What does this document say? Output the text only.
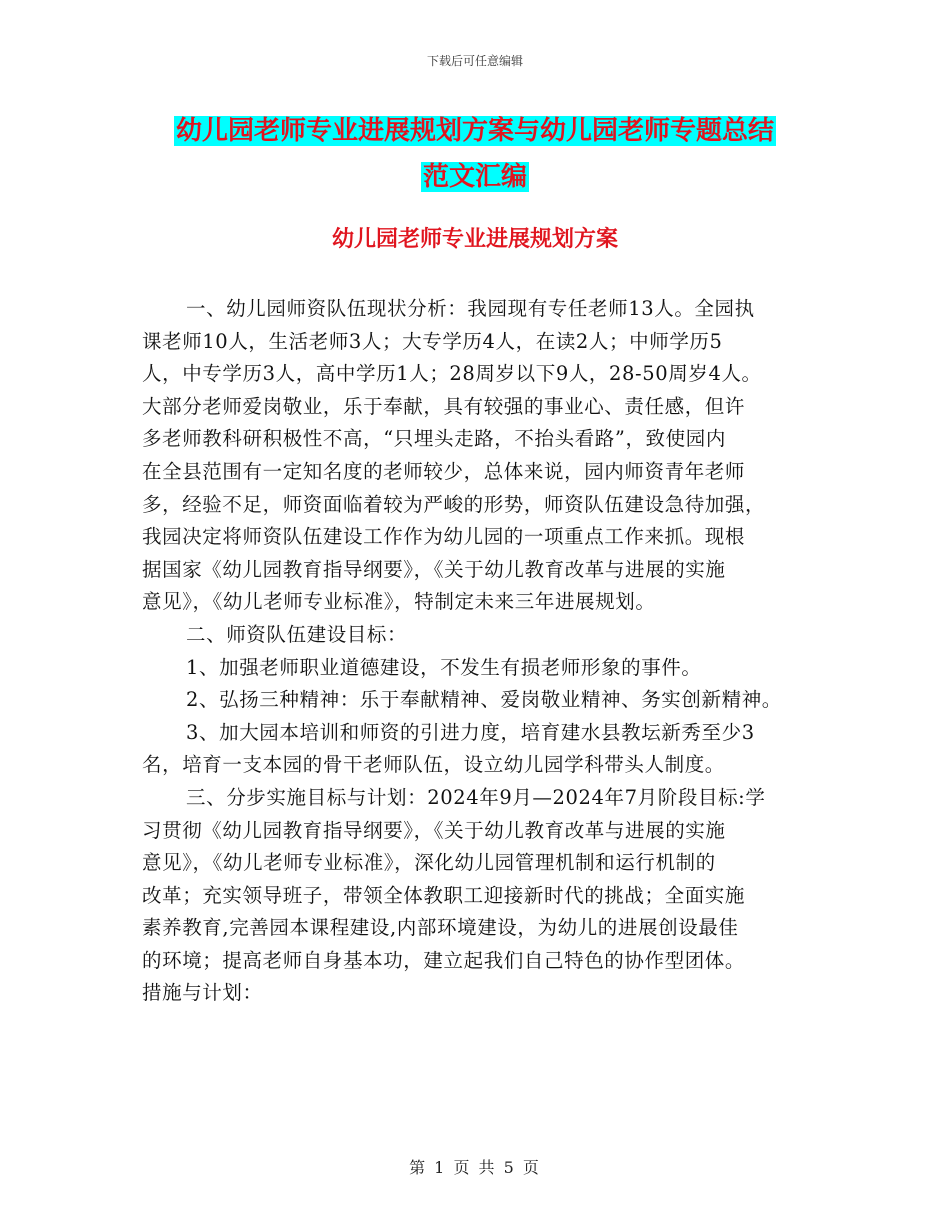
下载后可任意编辑
幼儿园老师专业进展规划方案与幼儿园老师专题总结
范文汇编
幼儿园老师专业进展规划方案
一、幼儿园师资队伍现状分析：我园现有专任老师13人。全园执
课老师10人，生活老师3人；大专学历4人，在读2人；中师学历5
人，中专学历3人，高中学历1人；28周岁以下9人，28-50周岁4人。
大部分老师爱岗敬业，乐于奉献，具有较强的事业心、责任感，但许
多老师教科研积极性不高，“只埋头走路，不抬头看路”，致使园内
在全县范围有一定知名度的老师较少，总体来说，园内师资青年老师
多，经验不足，师资面临着较为严峻的形势，师资队伍建设急待加强，
我园决定将师资队伍建设工作作为幼儿园的一项重点工作来抓。现根
据国家《幼儿园教育指导纲要》，《关于幼儿教育改革与进展的实施
意见》，《幼儿老师专业标准》，特制定未来三年进展规划。
二、师资队伍建设目标：
1、加强老师职业道德建设，不发生有损老师形象的事件。
2、弘扬三种精神：乐于奉献精神、爱岗敬业精神、务实创新精神。
3、加大园本培训和师资的引进力度，培育建水县教坛新秀至少3
名，培育一支本园的骨干老师队伍，设立幼儿园学科带头人制度。
三、分步实施目标与计划：2024年9月—2024年7月阶段目标:学
习贯彻《幼儿园教育指导纲要》，《关于幼儿教育改革与进展的实施
意见》，《幼儿老师专业标准》，深化幼儿园管理机制和运行机制的
改革；充实领导班子，带领全体教职工迎接新时代的挑战；全面实施
素养教育,完善园本课程建设,内部环境建设，为幼儿的进展创设最佳
的环境；提高老师自身基本功，建立起我们自己特色的协作型团体。
措施与计划：
第 1 页 共 5 页
